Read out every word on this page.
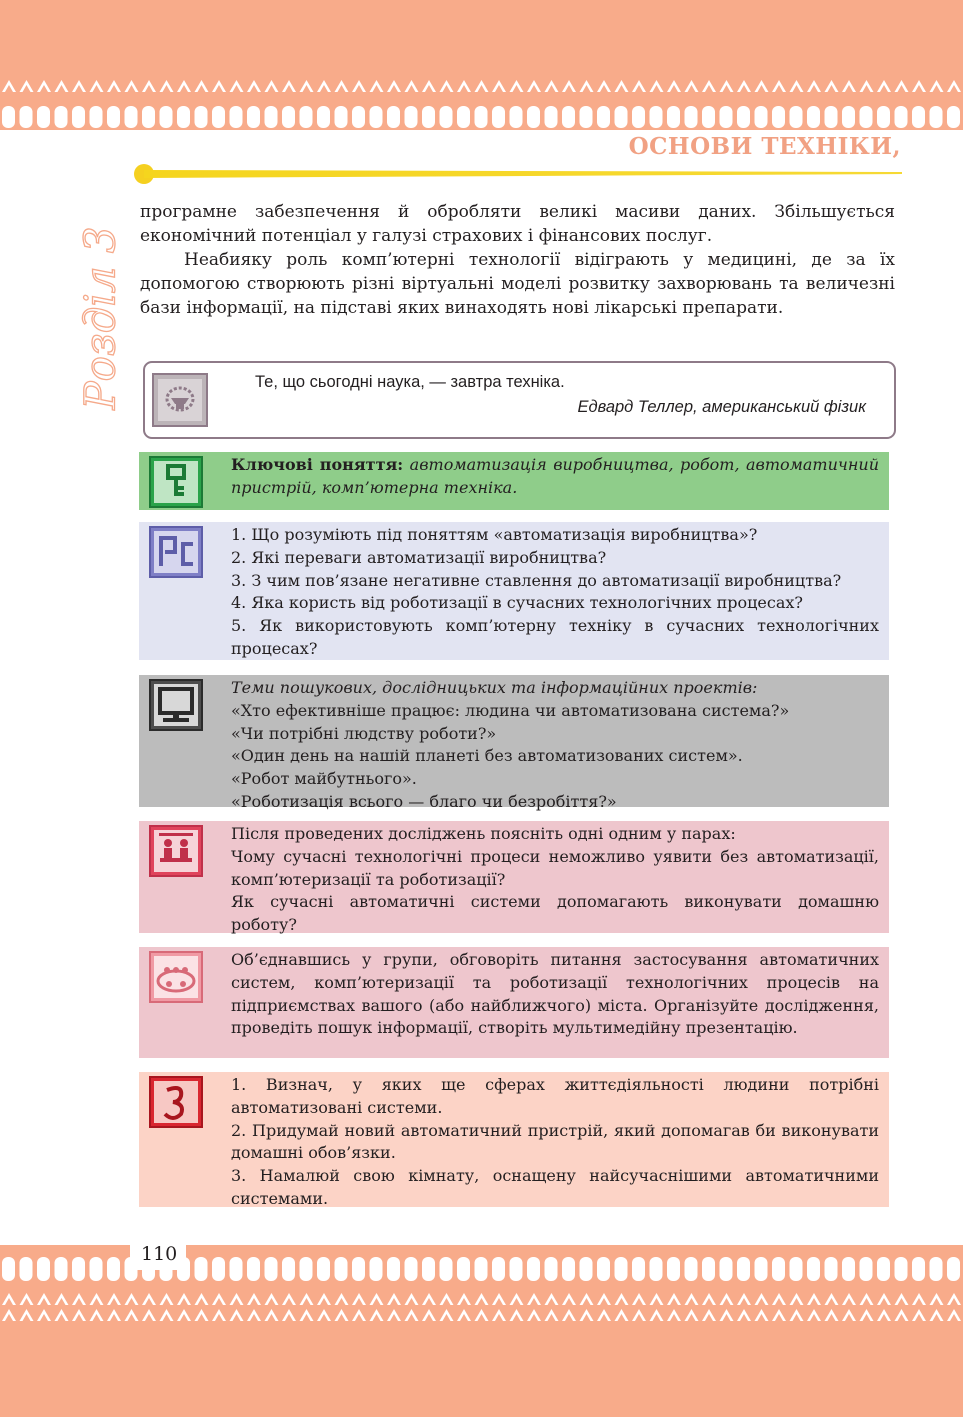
ОСНОВИ ТЕХНІКИ,
Розділ 3

програмне забезпечення й обробляти великі масиви даних. Збільшується економічний потенціал у галузі страхових і фінансових послуг.

Неабияку роль комп’ютерні технології відіграють у медицині, де за їх допомогою створюють різні віртуальні моделі розвитку захворювань та величезні бази інформації, на підставі яких винаходять нові лікарські препарати.

Те, що сьогодні наука, — завтра техніка.
Едвард Теллер, американський фізик
Ключові поняття: автоматизація виробництва, робот, автоматичний пристрій, комп’ютерна техніка.
1. Що розуміють під поняттям «автоматизація виробництва»?
2. Які переваги автоматизації виробництва?
3. З чим пов’язане негативне ставлення до автоматизації виробництва?
4. Яка користь від роботизації в сучасних технологічних процесах?
5. Як використовують комп’ютерну техніку в сучасних технологічних процесах?
Теми пошукових, дослідницьких та інформаційних проектів:
«Хто ефективніше працює: людина чи автоматизована система?»
«Чи потрібні людству роботи?»
«Один день на нашій планеті без автоматизованих систем».
«Робот майбутнього».
«Роботизація всього — благо чи безробіття?»
Після проведених досліджень поясніть одні одним у парах:
Чому сучасні технологічні процеси неможливо уявити без автоматизації, комп’ютеризації та роботизації?
Як сучасні автоматичні системи допомагають виконувати домашню роботу?
Об’єднавшись у групи, обговоріть питання застосування автоматичних систем, комп’ютеризації та роботизації технологічних процесів на підприємствах вашого (або найближчого) міста. Організуйте дослідження, проведіть пошук інформації, створіть мультимедійну презентацію.
1. Визнач, у яких ще сферах життєдіяльності людини потрібні автоматизовані системи.
2. Придумай новий автоматичний пристрій, який допомагав би виконувати домашні обов’язки.
3. Намалюй свою кімнату, оснащену найсучаснішими автоматичними системами.
110
